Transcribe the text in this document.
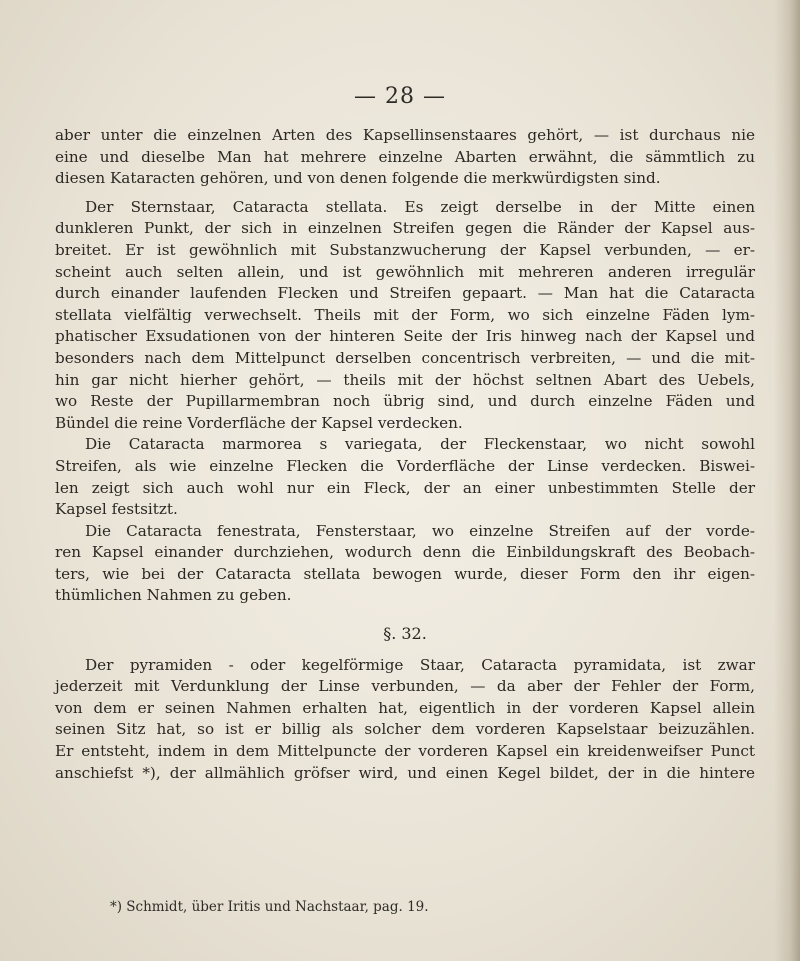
— 28 —
aber unter die einzelnen Arten des Kapsellinsenstaares gehört, — ist durchaus nie
eine und dieselbe Man hat mehrere einzelne Abarten erwähnt, die sämmtlich zu
diesen Kataracten gehören, und von denen folgende die merkwürdigsten sind.
Der Sternstaar, Cataracta stellata. Es zeigt derselbe in der Mitte einen
dunkleren Punkt, der sich in einzelnen Streifen gegen die Ränder der Kapsel aus-
breitet. Er ist gewöhnlich mit Substanzwucherung der Kapsel verbunden, — er-
scheint auch selten allein, und ist gewöhnlich mit mehreren anderen irregulär
durch einander laufenden Flecken und Streifen gepaart. — Man hat die Cataracta
stellata vielfältig verwechselt. Theils mit der Form, wo sich einzelne Fäden lym-
phatischer Exsudationen von der hinteren Seite der Iris hinweg nach der Kapsel und
besonders nach dem Mittelpunct derselben concentrisch verbreiten, — und die mit-
hin gar nicht hierher gehört, — theils mit der höchst seltnen Abart des Uebels,
wo Reste der Pupillarmembran noch übrig sind, und durch einzelne Fäden und
Bündel die reine Vorderfläche der Kapsel verdecken.
Die Cataracta marmorea s variegata, der Fleckenstaar, wo nicht sowohl
Streifen, als wie einzelne Flecken die Vorderfläche der Linse verdecken. Biswei-
len zeigt sich auch wohl nur ein Fleck, der an einer unbestimmten Stelle der
Kapsel festsitzt.
Die Cataracta fenestrata, Fensterstaar, wo einzelne Streifen auf der vorde-
ren Kapsel einander durchziehen, wodurch denn die Einbildungskraft des Beobach-
ters, wie bei der Cataracta stellata bewogen wurde, dieser Form den ihr eigen-
thümlichen Nahmen zu geben.
§. 32.
Der pyramiden - oder kegelförmige Staar, Cataracta pyramidata, ist zwar
jederzeit mit Verdunklung der Linse verbunden, — da aber der Fehler der Form,
von dem er seinen Nahmen erhalten hat, eigentlich in der vorderen Kapsel allein
seinen Sitz hat, so ist er billig als solcher dem vorderen Kapselstaar beizuzählen.
Er entsteht, indem in dem Mittelpuncte der vorderen Kapsel ein kreidenweifser Punct
anschiefst *), der allmählich gröfser wird, und einen Kegel bildet, der in die hintere
*) Schmidt, über Iritis und Nachstaar, pag. 19.
